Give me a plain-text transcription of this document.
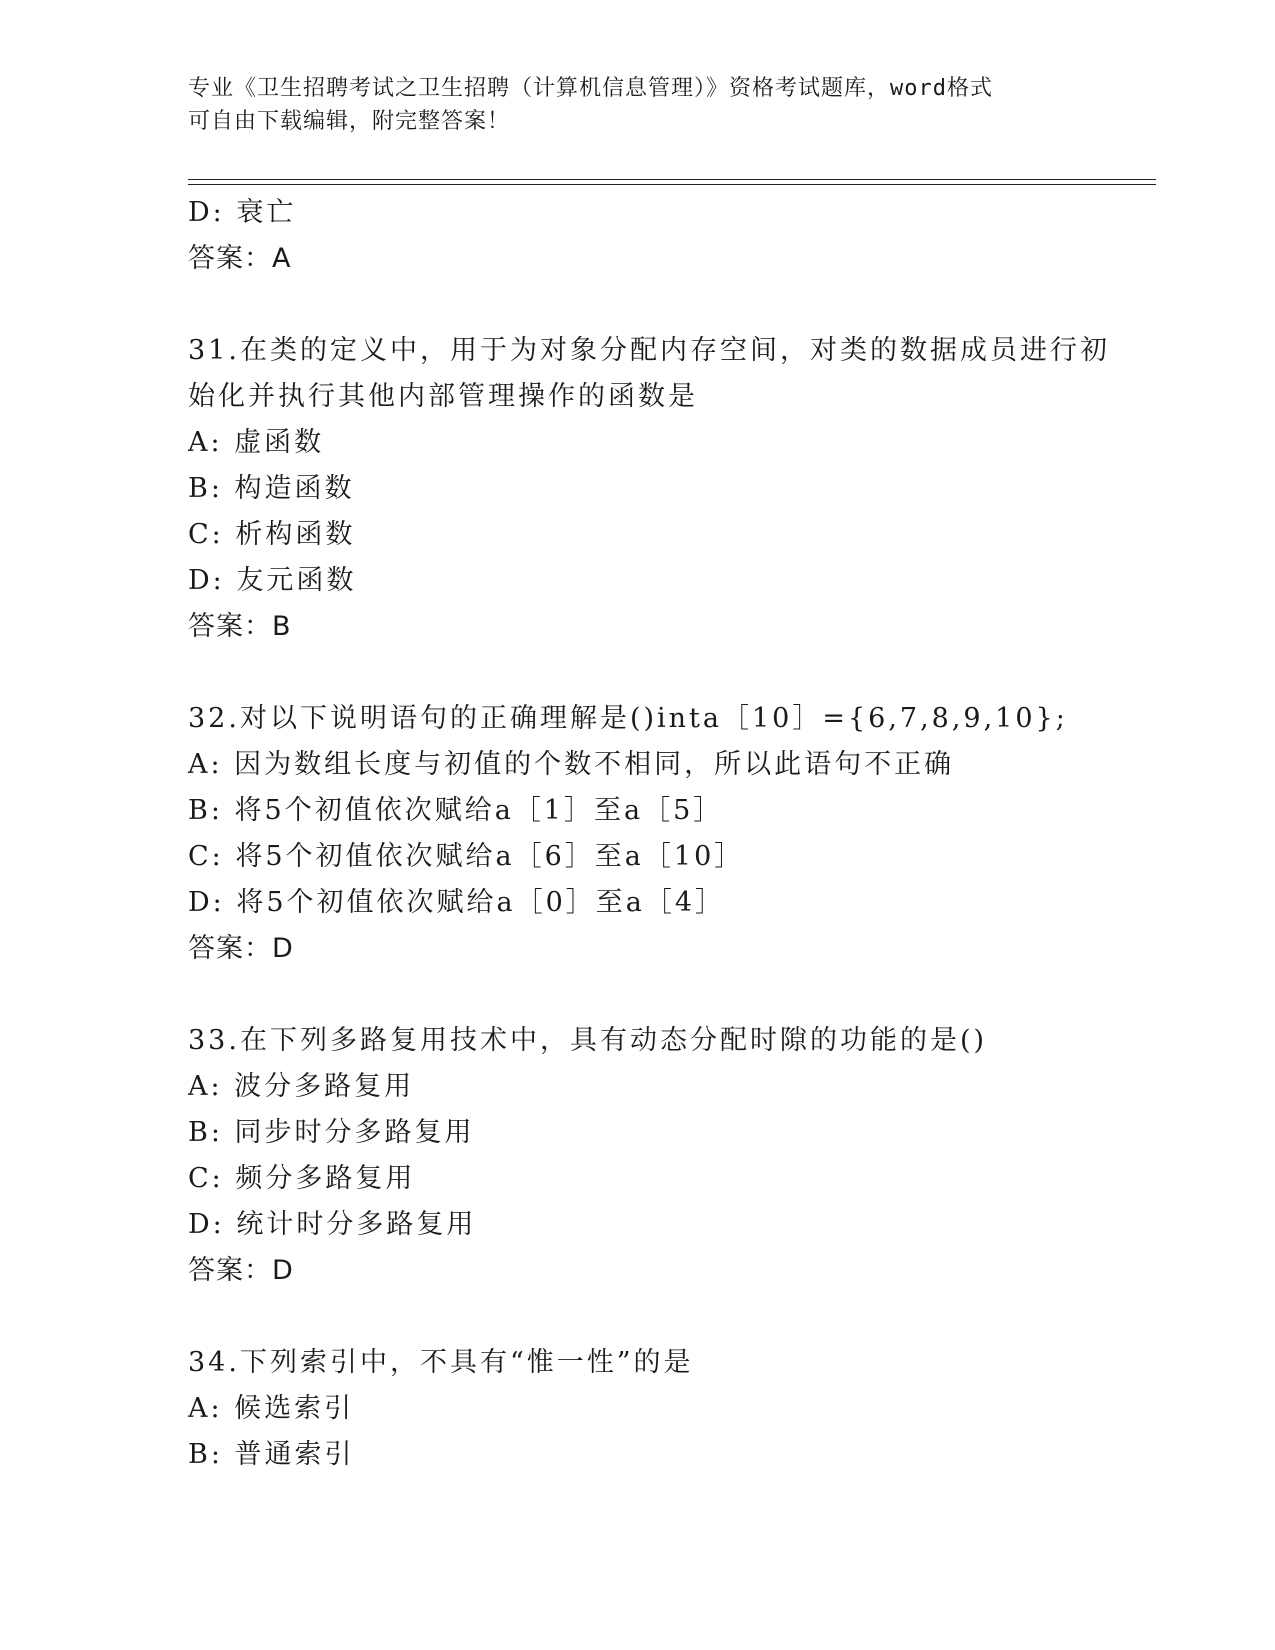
专业《卫生招聘考试之卫生招聘（计算机信息管理）》资格考试题库，word格式
可自由下载编辑，附完整答案！
D: 衰亡
答案：A
31.在类的定义中，用于为对象分配内存空间，对类的数据成员进行初
始化并执行其他内部管理操作的函数是
A: 虚函数
B: 构造函数
C: 析构函数
D: 友元函数
答案：B
32.对以下说明语句的正确理解是()inta［10］={6,7,8,9,10};
A: 因为数组长度与初值的个数不相同，所以此语句不正确
B: 将5个初值依次赋给a［1］至a［5］
C: 将5个初值依次赋给a［6］至a［10］
D: 将5个初值依次赋给a［0］至a［4］
答案：D
33.在下列多路复用技术中，具有动态分配时隙的功能的是()
A: 波分多路复用
B: 同步时分多路复用
C: 频分多路复用
D: 统计时分多路复用
答案：D
34.下列索引中，不具有“惟一性”的是
A: 候选索引
B: 普通索引
